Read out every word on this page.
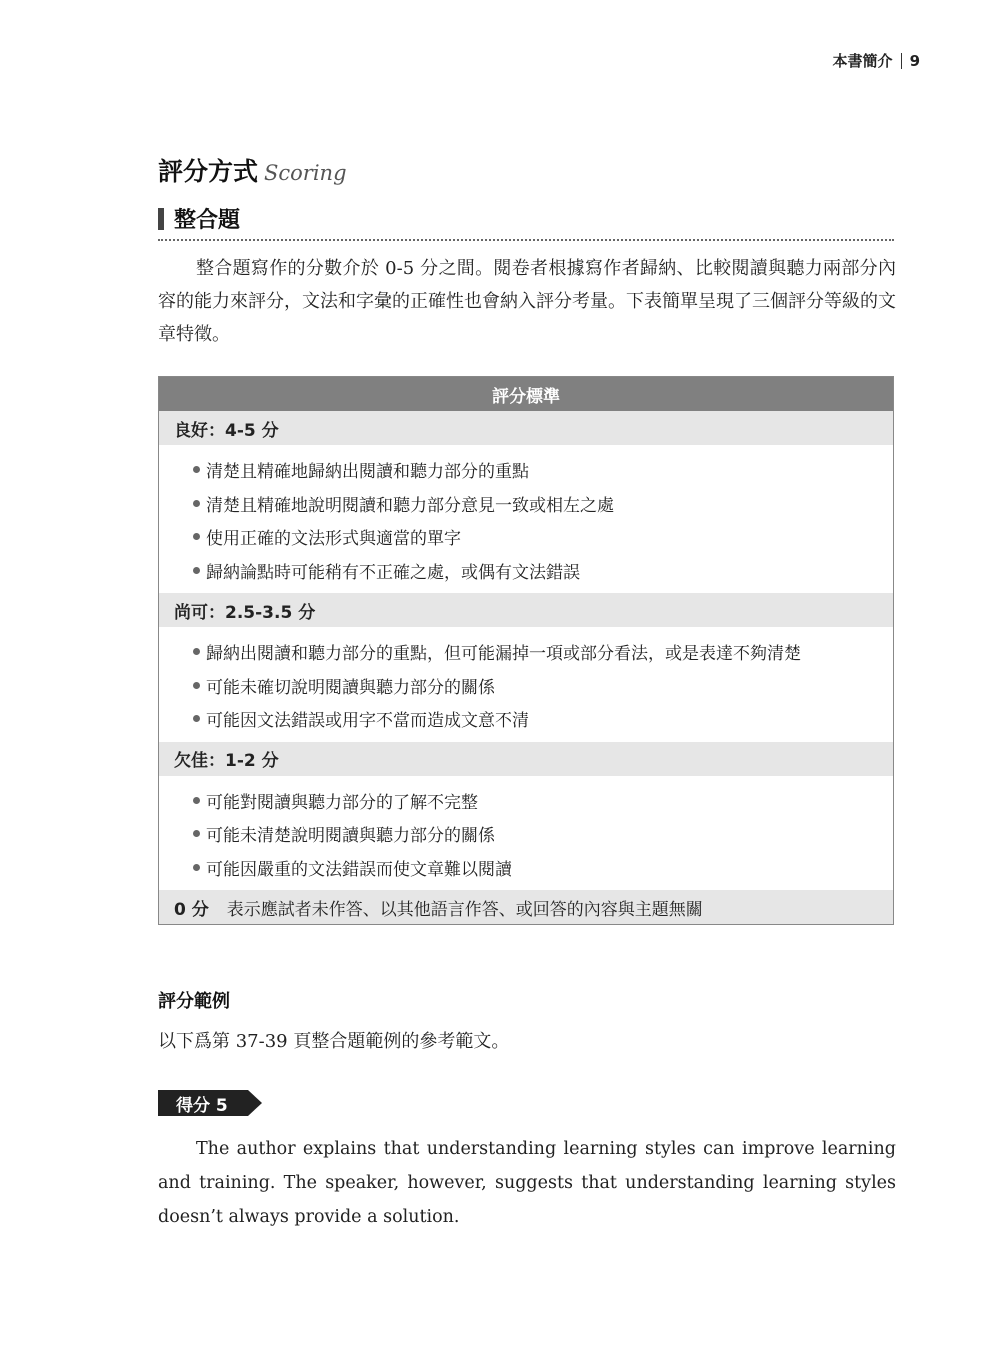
本書簡介 9
評分方式 Scoring
整合題
整合題寫作的分數介於 0-5 分之間。閱卷者根據寫作者歸納、比較閱讀與聽力兩部分內容的能力來評分，文法和字彙的正確性也會納入評分考量。下表簡單呈現了三個評分等級的文章特徵。
評分標準
良好：4-5 分
清楚且精確地歸納出閱讀和聽力部分的重點
清楚且精確地說明閱讀和聽力部分意見一致或相左之處
使用正確的文法形式與適當的單字
歸納論點時可能稍有不正確之處，或偶有文法錯誤
尚可：2.5-3.5 分
歸納出閱讀和聽力部分的重點，但可能漏掉一項或部分看法，或是表達不夠清楚
可能未確切說明閱讀與聽力部分的關係
可能因文法錯誤或用字不當而造成文意不清
欠佳：1-2 分
可能對閱讀與聽力部分的了解不完整
可能未清楚說明閱讀與聽力部分的關係
可能因嚴重的文法錯誤而使文章難以閱讀
0 分 表示應試者未作答、以其他語言作答、或回答的內容與主題無關
評分範例
以下爲第 37-39 頁整合題範例的參考範文。
得分 5
The author explains that understanding learning styles can improve learning and training. The speaker, however, suggests that understanding learning styles doesn’t always provide a solution.
